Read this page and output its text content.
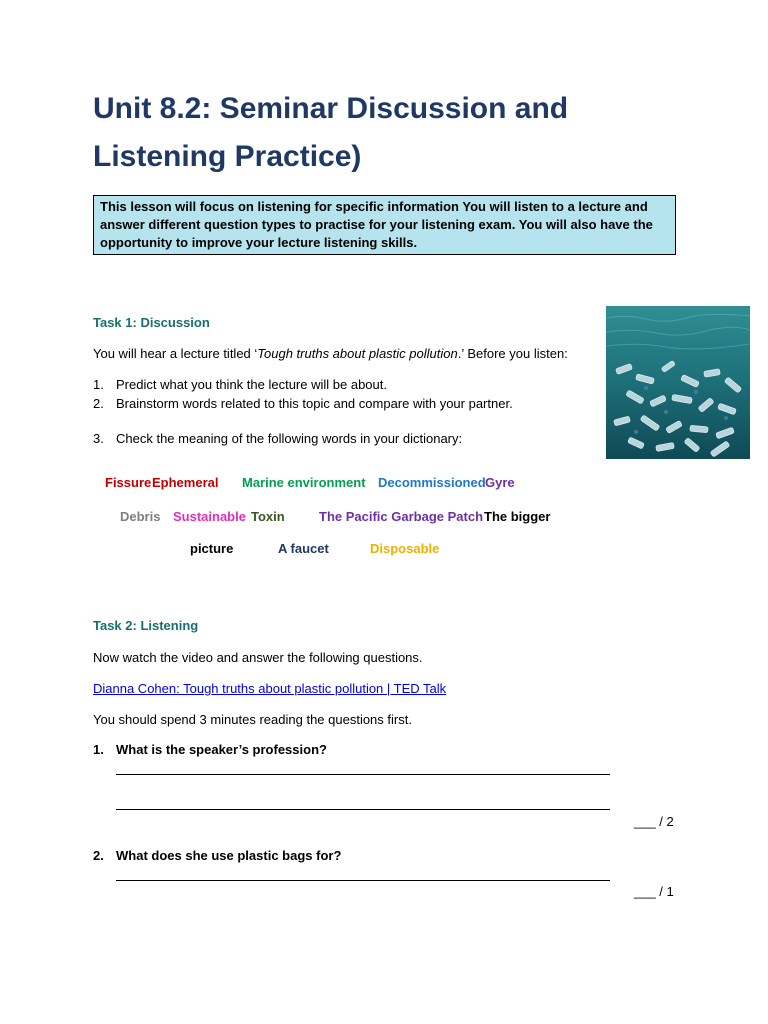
Unit 8.2: Seminar Discussion and
Listening Practice)
This lesson will focus on listening for specific information You will listen to a lecture and answer different question types to practise for your listening exam. You will also have the opportunity to improve your lecture listening skills.
Task 1: Discussion
You will hear a lecture titled ‘Tough truths about plastic pollution.’ Before you listen:
1. Predict what you think the lecture will be about.
2. Brainstorm words related to this topic and compare with your partner.
3. Check the meaning of the following words in your dictionary:
Fissure Ephemeral Marine environment Decommissioned Gyre
Debris Sustainable Toxin	The Pacific Garbage Patch The bigger
picture	A faucet	Disposable
Task 2: Listening
Now watch the video and answer the following questions.
Dianna Cohen: Tough truths about plastic pollution | TED Talk
You should spend 3 minutes reading the questions first.
1. What is the speaker’s profession?
___ / 2
2. What does she use plastic bags for?
___ / 1
